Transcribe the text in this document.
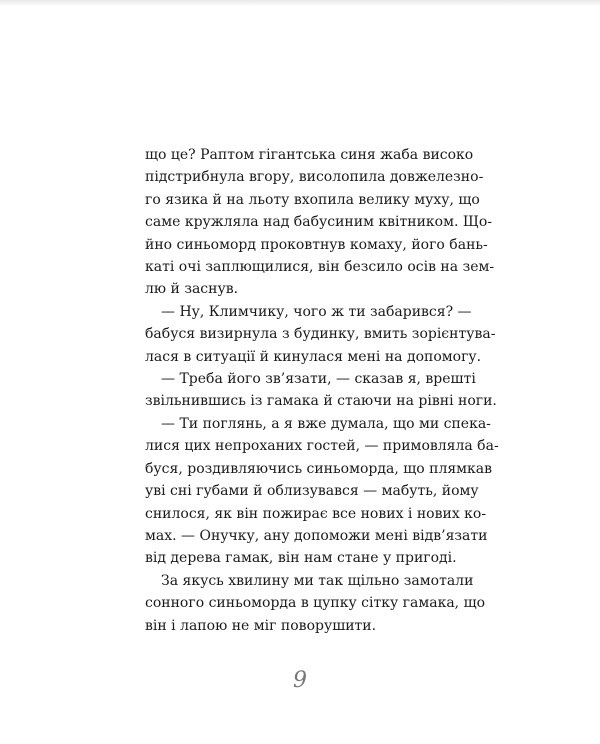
що це? Раптом гігантська синя жаба високо
підстрибнула вгору, висолопила довжелезно-
го язика й на льоту вхопила велику муху, що
саме кружляла над бабусиним квітником. Що-
йно синьоморд проковтнув комаху, його бань-
каті очі заплющилися, він безсило осів на зем-
лю й заснув.
— Ну, Климчику, чого ж ти забарився? —
бабуся визирнула з будинку, вмить зорієнтува-
лася в ситуації й кинулася мені на допомогу.
— Треба його зв’язати, — сказав я, врешті
звільнившись із гамака й стаючи на рівні ноги.
— Ти поглянь, а я вже думала, що ми спека-
лися цих непроханих гостей, — примовляла ба-
буся, роздивляючись синьоморда, що плямкав
уві сні губами й облизувався — мабуть, йому
снилося, як він пожирає все нових і нових ко-
мах. — Онучку, ану допоможи мені відв’язати
від дерева гамак, він нам стане у пригоді.
За якусь хвилину ми так щільно замотали
сонного синьоморда в цупку сітку гамака, що
він і лапою не міг поворушити.
9
